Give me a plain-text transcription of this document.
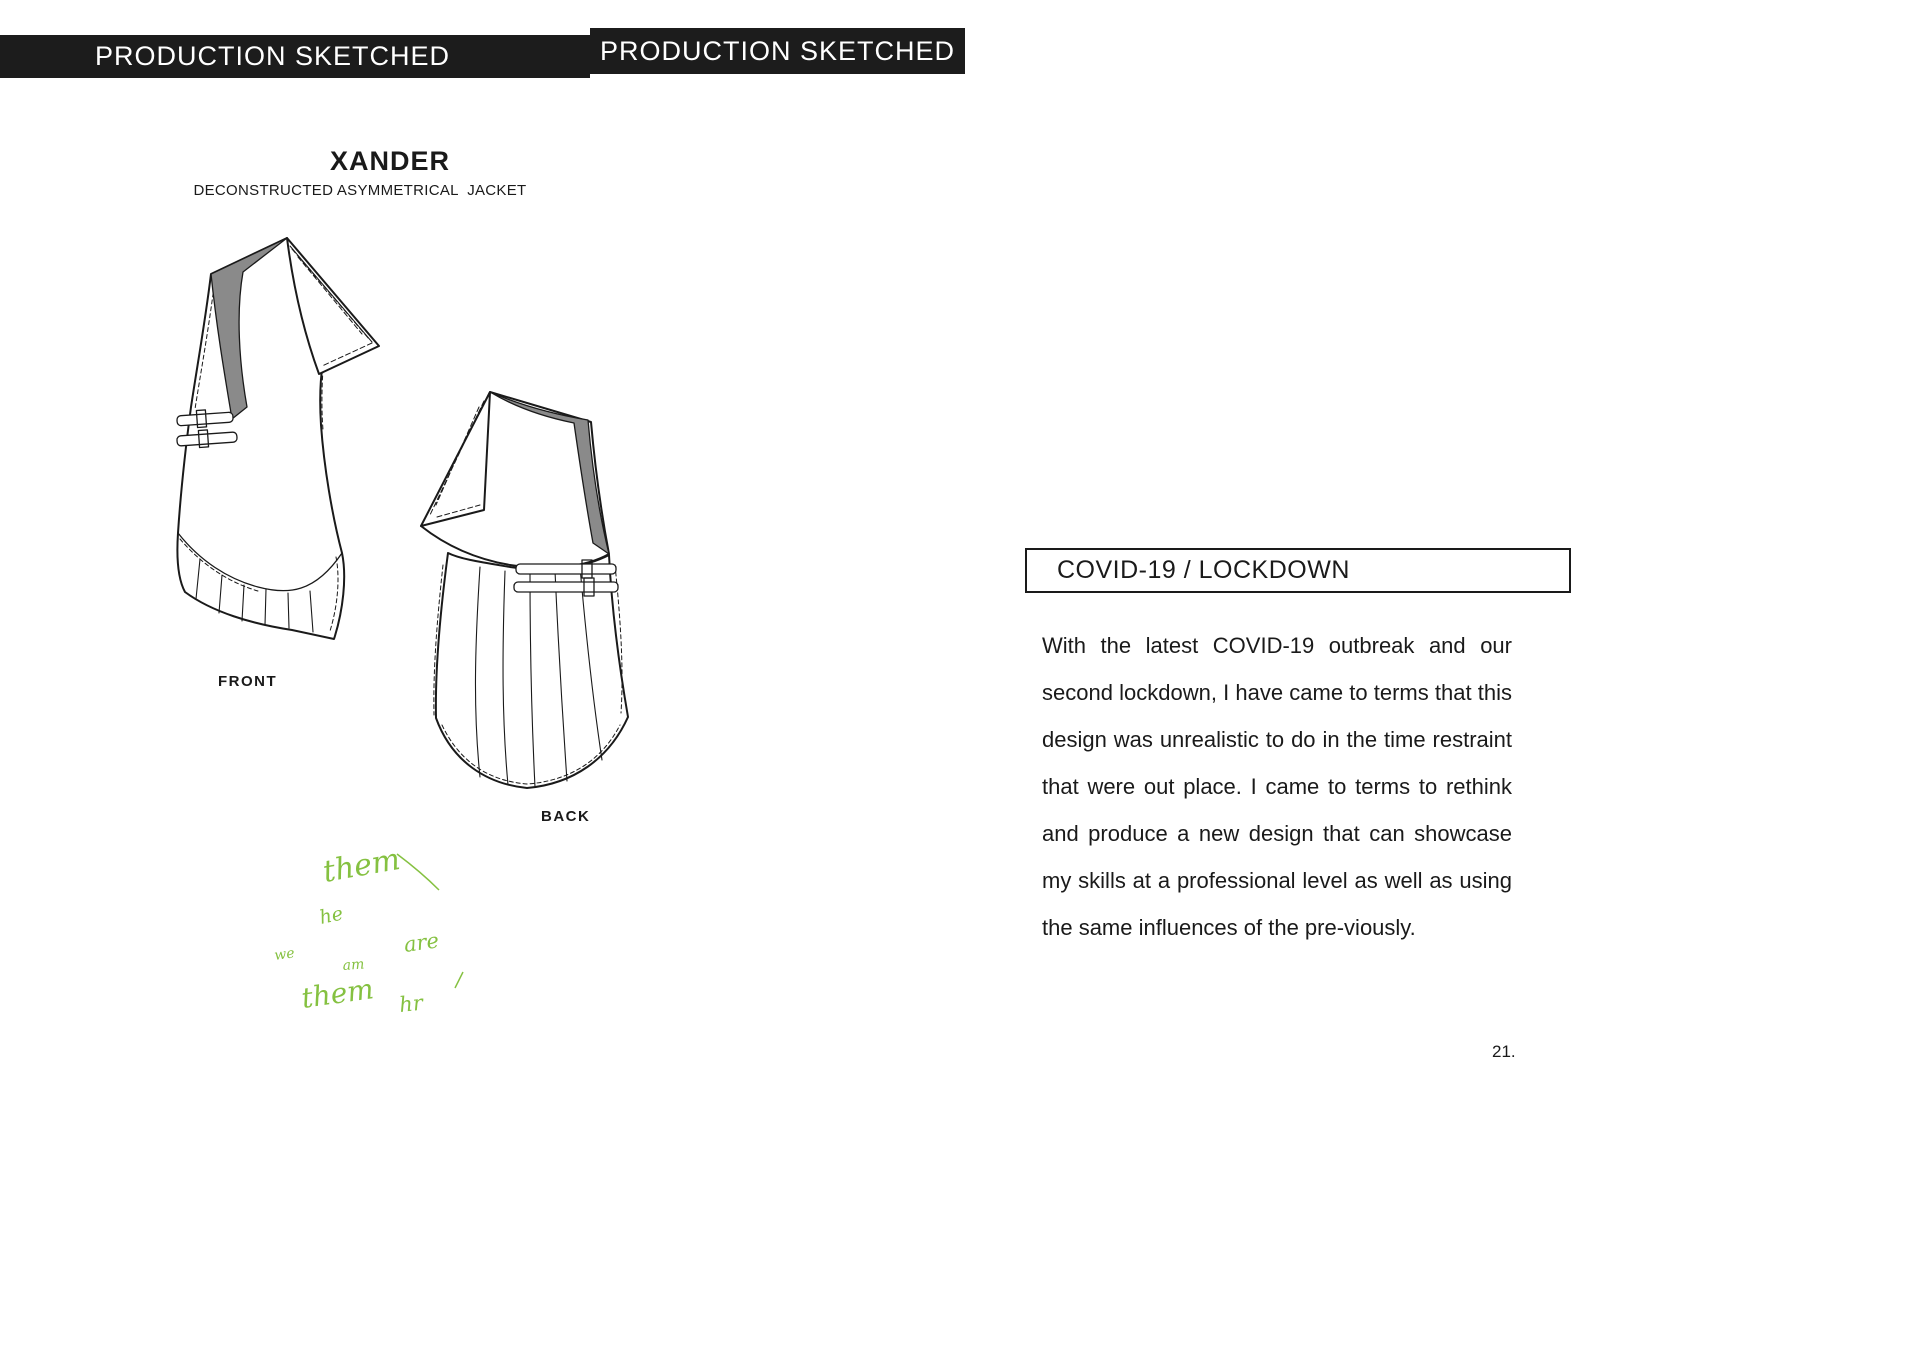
PRODUCTION SKETCHED	PRODUCTION SKETCHED
XANDER
DECONSTRUCTED ASYMMETRICAL  JACKET
FRONT
BACK
them
he
are
we
am
them hr
COVID-19 / LOCKDOWN

With the latest COVID-19 outbreak and our second lockdown, I have came to terms that this design was unrealistic to do in the time restraint that were out place. I came to terms to rethink and produce a new design that can showcase my skills at a professional level as well as using the same influences of the pre-viously.

21.
